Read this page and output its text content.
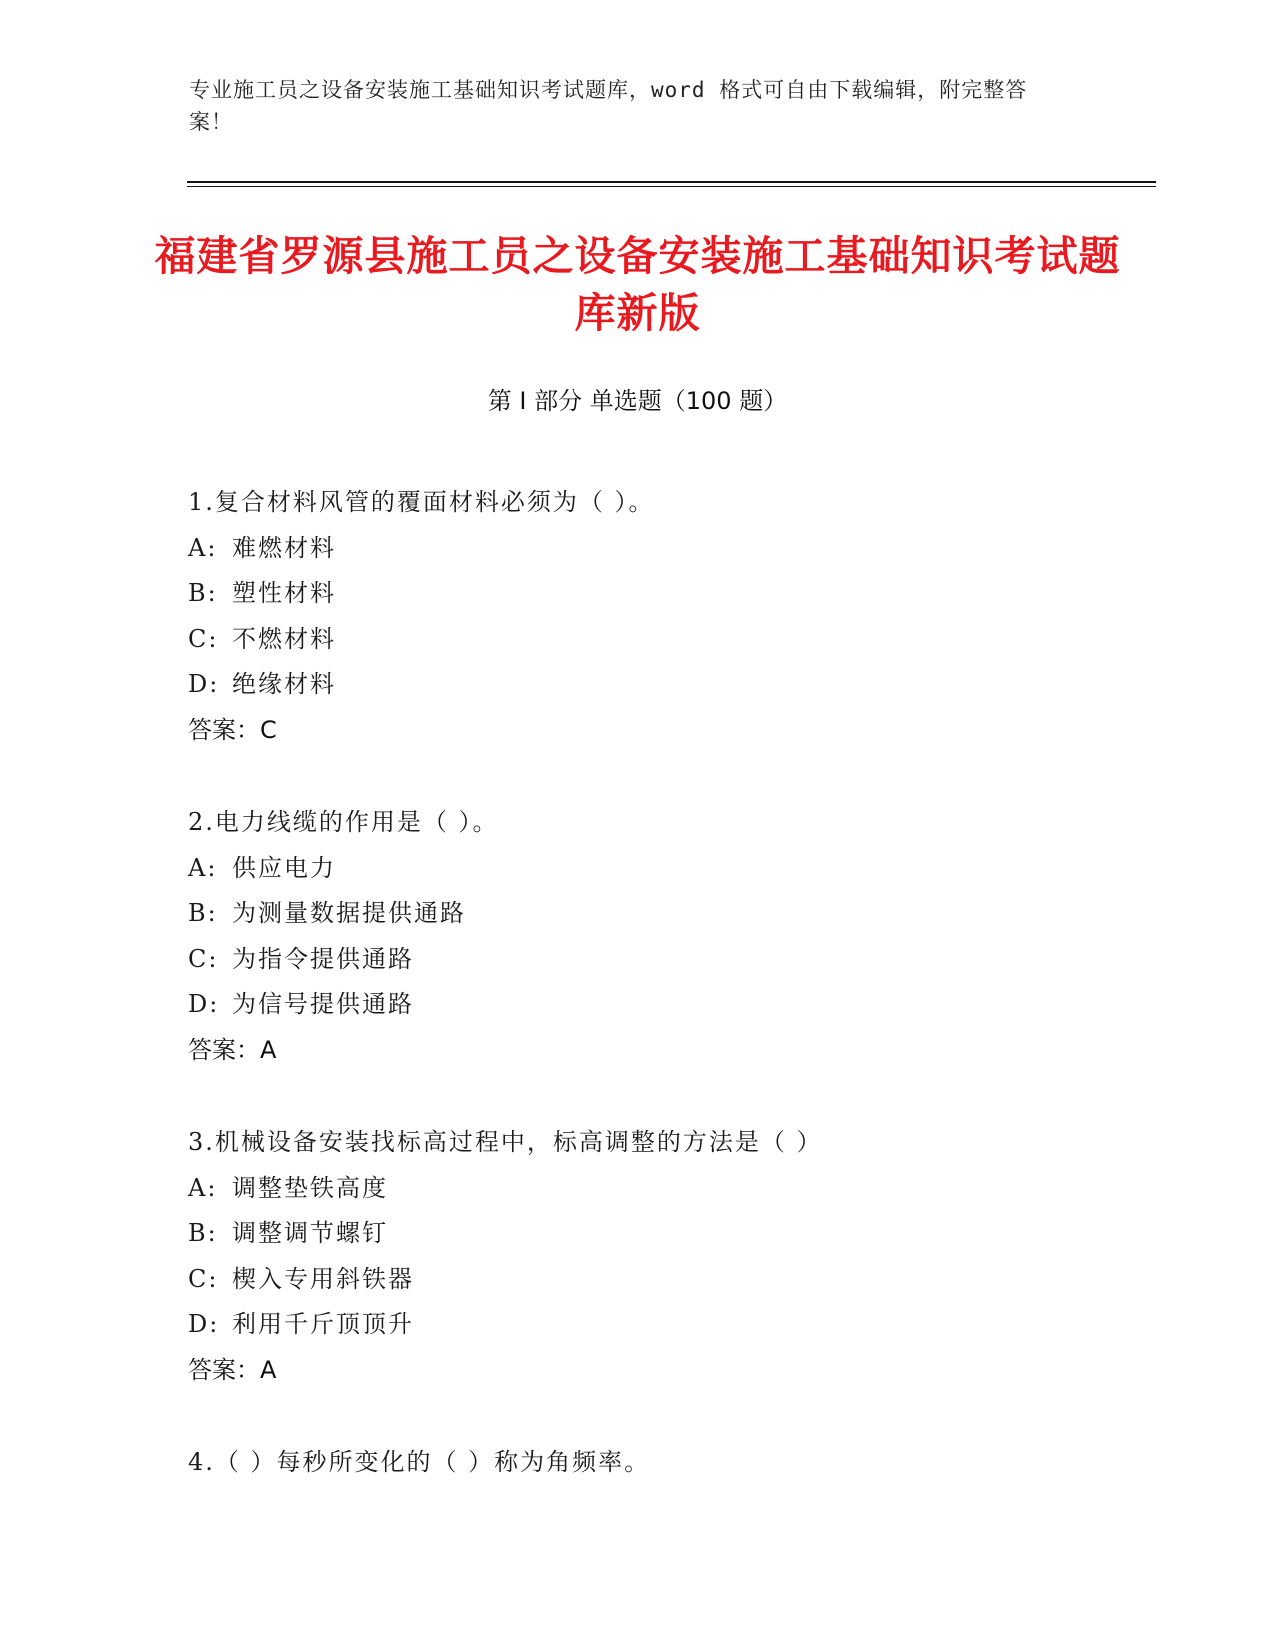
专业施工员之设备安装施工基础知识考试题库，word 格式可自由下载编辑，附完整答案！
福建省罗源县施工员之设备安装施工基础知识考试题库新版
第 I 部分 单选题（100 题）
1.复合材料风管的覆面材料必须为（ ）。
A: 难燃材料
B: 塑性材料
C: 不燃材料
D: 绝缘材料
答案：C
2.电力线缆的作用是（ ）。
A: 供应电力
B: 为测量数据提供通路
C: 为指令提供通路
D: 为信号提供通路
答案：A
3.机械设备安装找标高过程中，标高调整的方法是（ ）
A: 调整垫铁高度
B: 调整调节螺钉
C: 楔入专用斜铁器
D: 利用千斤顶顶升
答案：A
4.（ ）每秒所变化的（ ）称为角频率。
